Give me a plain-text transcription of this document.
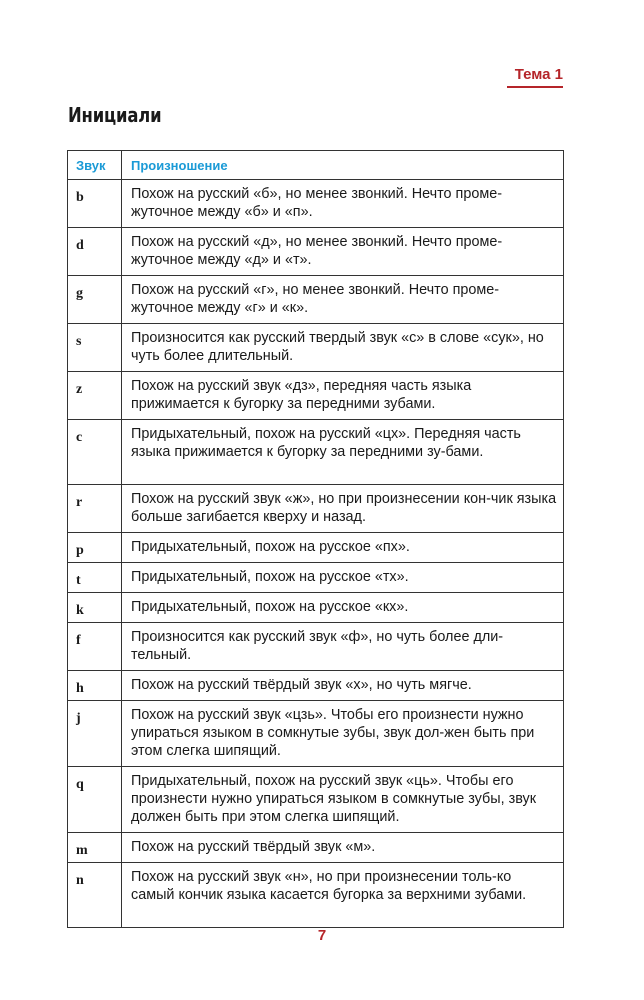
Тема 1
Инициали
Звук	Произношение
b	Похож на русский «б», но менее звонкий. Нечто проме-жуточное между «б» и «п».
d	Похож на русский «д», но менее звонкий. Нечто проме-жуточное между «д» и «т».
g	Похож на русский «г», но менее звонкий. Нечто проме-жуточное между «г» и «к».
s	Произносится как русский твердый звук «с» в слове «сук», но чуть более длительный.
z	Похож на русский звук «дз», передняя часть языка прижимается к бугорку за передними зубами.
c	Придыхательный, похож на русский «цх». Передняя часть языка прижимается к бугорку за передними зу-бами.
r	Похож на русский звук «ж», но при произнесении кон-чик языка больше загибается кверху и назад.
p	Придыхательный, похож на русское «пх».
t	Придыхательный, похож на русское «тх».
k	Придыхательный, похож на русское «кх».
f	Произносится как русский звук «ф», но чуть более дли-тельный.
h	Похож на русский твёрдый звук «х», но чуть мягче.
j	Похож на русский звук «цзь». Чтобы его произнести нужно упираться языком в сомкнутые зубы, звук дол-жен быть при этом слегка шипящий.
q	Придыхательный, похож на русский звук «ць». Чтобы его произнести нужно упираться языком в сомкнутые зубы, звук должен быть при этом слегка шипящий.
m	Похож на русский твёрдый звук «м».
n	Похож на русский звук «н», но при произнесении толь-ко самый кончик языка касается бугорка за верхними зубами.
7
